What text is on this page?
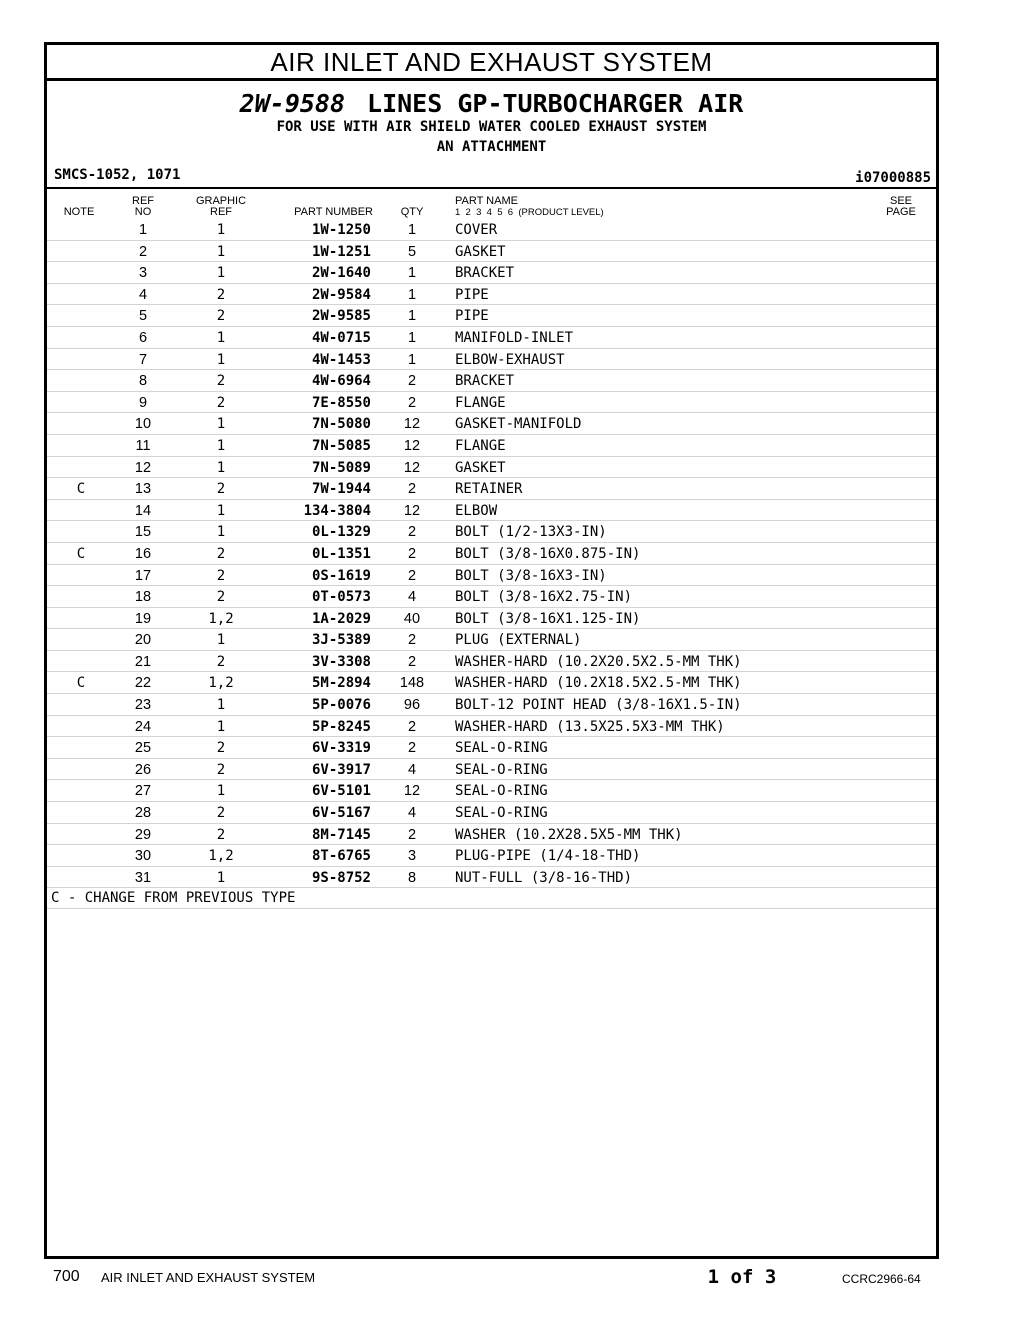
AIR INLET AND EXHAUST SYSTEM
2W-9588 LINES GP-TURBOCHARGER AIR
FOR USE WITH AIR SHIELD WATER COOLED EXHAUST SYSTEM
AN ATTACHMENT
SMCS-1052, 1071	i07000885
NOTE
REF
NO
GRAPHIC
REF	PART NUMBER	QTY
PART NAME
1  2  3  4  5  6  (PRODUCT LEVEL)
SEE
PAGE
1	1	1W-1250	1	COVER
2	1	1W-1251	5	GASKET
3	1	2W-1640	1	BRACKET
4	2	2W-9584	1	PIPE
5	2	2W-9585	1	PIPE
6	1	4W-0715	1	MANIFOLD-INLET
7	1	4W-1453	1	ELBOW-EXHAUST
8	2	4W-6964	2	BRACKET
9	2	7E-8550	2	FLANGE
10	1	7N-5080	12	GASKET-MANIFOLD
11	1	7N-5085	12	FLANGE
12	1	7N-5089	12	GASKET
C	13	2	7W-1944	2	RETAINER
14	1	134-3804	12	ELBOW
15	1	0L-1329	2	BOLT (1/2-13X3-IN)
C	16	2	0L-1351	2	BOLT (3/8-16X0.875-IN)
17	2	0S-1619	2	BOLT (3/8-16X3-IN)
18	2	0T-0573	4	BOLT (3/8-16X2.75-IN)
19	1,2	1A-2029	40	BOLT (3/8-16X1.125-IN)
20	1	3J-5389	2	PLUG (EXTERNAL)
21	2	3V-3308	2	WASHER-HARD (10.2X20.5X2.5-MM THK)
C	22	1,2	5M-2894	148	WASHER-HARD (10.2X18.5X2.5-MM THK)
23	1	5P-0076	96	BOLT-12 POINT HEAD (3/8-16X1.5-IN)
24	1	5P-8245	2	WASHER-HARD (13.5X25.5X3-MM THK)
25	2	6V-3319	2	SEAL-O-RING
26	2	6V-3917	4	SEAL-O-RING
27	1	6V-5101	12	SEAL-O-RING
28	2	6V-5167	4	SEAL-O-RING
29	2	8M-7145	2	WASHER (10.2X28.5X5-MM THK)
30	1,2	8T-6765	3	PLUG-PIPE (1/4-18-THD)
31	1	9S-8752	8	NUT-FULL (3/8-16-THD)
C - CHANGE FROM PREVIOUS TYPE
700 AIR INLET AND EXHAUST SYSTEM	1 of 3	CCRC2966-64
